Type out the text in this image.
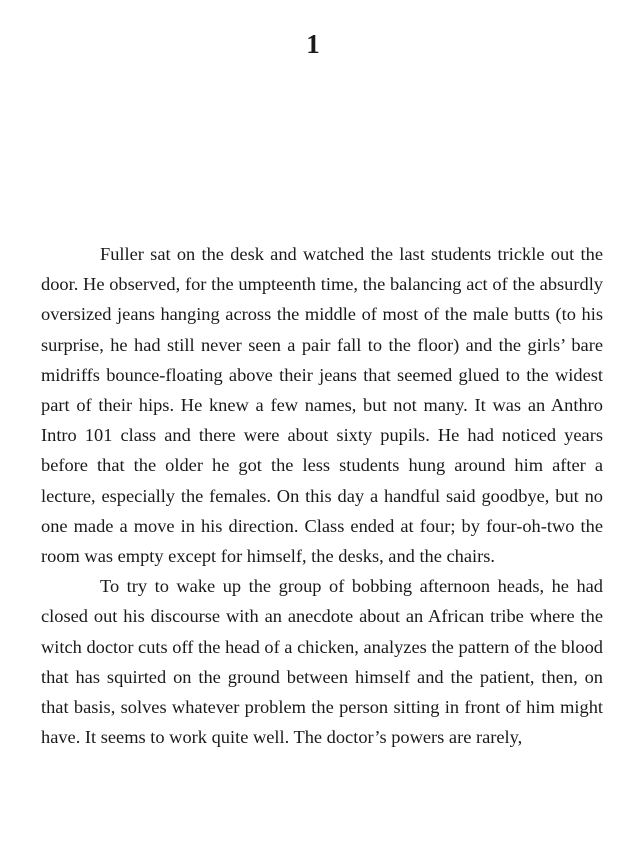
1

Fuller sat on the desk and watched the last students trickle out the door. He observed, for the umpteenth time, the balancing act of the absurdly oversized jeans hanging across the middle of most of the male butts (to his surprise, he had still never seen a pair fall to the floor) and the girls’ bare midriffs bounce-floating above their jeans that seemed glued to the widest part of their hips. He knew a few names, but not many. It was an Anthro Intro 101 class and there were about sixty pupils. He had noticed years before that the older he got the less students hung around him after a lecture, especially the females. On this day a handful said goodbye, but no one made a move in his direction. Class ended at four; by four-oh-two the room was empty except for himself, the desks, and the chairs.

To try to wake up the group of bobbing afternoon heads, he had closed out his discourse with an anecdote about an African tribe where the witch doctor cuts off the head of a chicken, analyzes the pattern of the blood that has squirted on the ground between himself and the patient, then, on that basis, solves whatever problem the person sitting in front of him might have. It seems to work quite well. The doctor’s powers are rarely,
